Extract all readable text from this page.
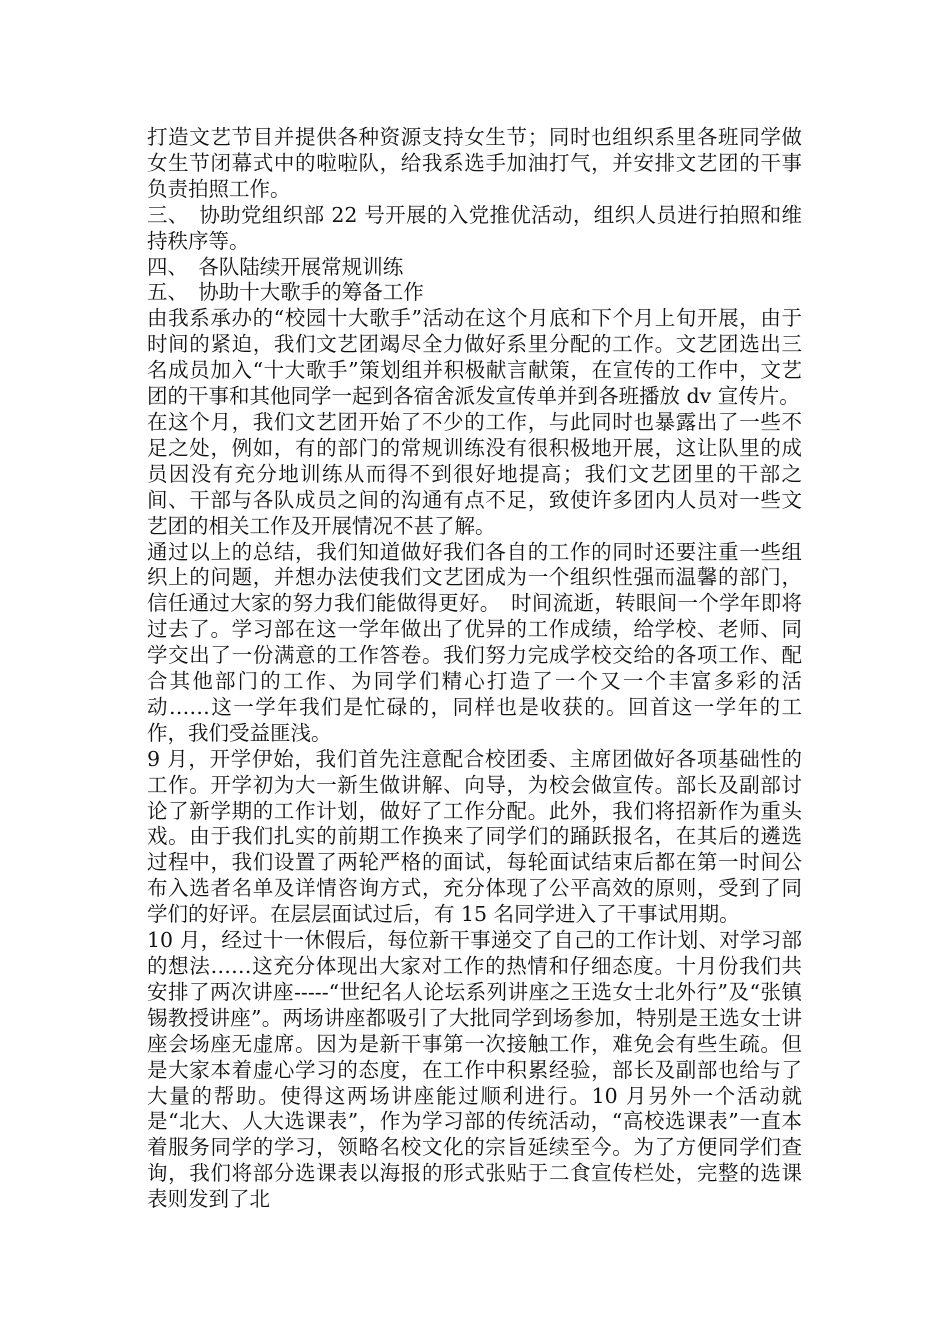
打造文艺节目并提供各种资源支持女生节；同时也组织系里各班同学做女生节闭幕式中的啦啦队，给我系选手加油打气，并安排文艺团的干事负责拍照工作。

三、　协助党组织部 22 号开展的入党推优活动，组织人员进行拍照和维持秩序等。

四、　各队陆续开展常规训练

五、　协助十大歌手的筹备工作

由我系承办的“校园十大歌手”活动在这个月底和下个月上旬开展，由于时间的紧迫，我们文艺团竭尽全力做好系里分配的工作。文艺团选出三名成员加入“十大歌手”策划组并积极献言献策，在宣传的工作中，文艺团的干事和其他同学一起到各宿舍派发宣传单并到各班播放 dv 宣传片。

在这个月，我们文艺团开始了不少的工作，与此同时也暴露出了一些不足之处，例如，有的部门的常规训练没有很积极地开展，这让队里的成员因没有充分地训练从而得不到很好地提高；我们文艺团里的干部之间、干部与各队成员之间的沟通有点不足，致使许多团内人员对一些文艺团的相关工作及开展情况不甚了解。

通过以上的总结，我们知道做好我们各自的工作的同时还要注重一些组织上的问题，并想办法使我们文艺团成为一个组织性强而温馨的部门，信任通过大家的努力我们能做得更好。　时间流逝，转眼间一个学年即将过去了。学习部在这一学年做出了优异的工作成绩，给学校、老师、同学交出了一份满意的工作答卷。我们努力完成学校交给的各项工作、配合其他部门的工作、为同学们精心打造了一个又一个丰富多彩的活动……这一学年我们是忙碌的，同样也是收获的。回首这一学年的工作，我们受益匪浅。

9 月，开学伊始，我们首先注意配合校团委、主席团做好各项基础性的工作。开学初为大一新生做讲解、向导，为校会做宣传。部长及副部讨论了新学期的工作计划，做好了工作分配。此外，我们将招新作为重头戏。由于我们扎实的前期工作换来了同学们的踊跃报名，在其后的遴选过程中，我们设置了两轮严格的面试，每轮面试结束后都在第一时间公布入选者名单及详情咨询方式，充分体现了公平高效的原则，受到了同学们的好评。在层层面试过后，有 15 名同学进入了干事试用期。

10 月，经过十一休假后，每位新干事递交了自己的工作计划、对学习部的想法……这充分体现出大家对工作的热情和仔细态度。十月份我们共安排了两次讲座-----“世纪名人论坛系列讲座之王选女士北外行”及“张镇锡教授讲座”。两场讲座都吸引了大批同学到场参加，特别是王选女士讲座会场座无虚席。因为是新干事第一次接触工作，难免会有些生疏。但是大家本着虚心学习的态度，在工作中积累经验，部长及副部也给与了大量的帮助。使得这两场讲座能过顺利进行。10 月另外一个活动就是“北大、人大选课表”，作为学习部的传统活动，“高校选课表”一直本着服务同学的学习，领略名校文化的宗旨延续至今。为了方便同学们查询，我们将部分选课表以海报的形式张贴于二食宣传栏处，完整的选课表则发到了北
